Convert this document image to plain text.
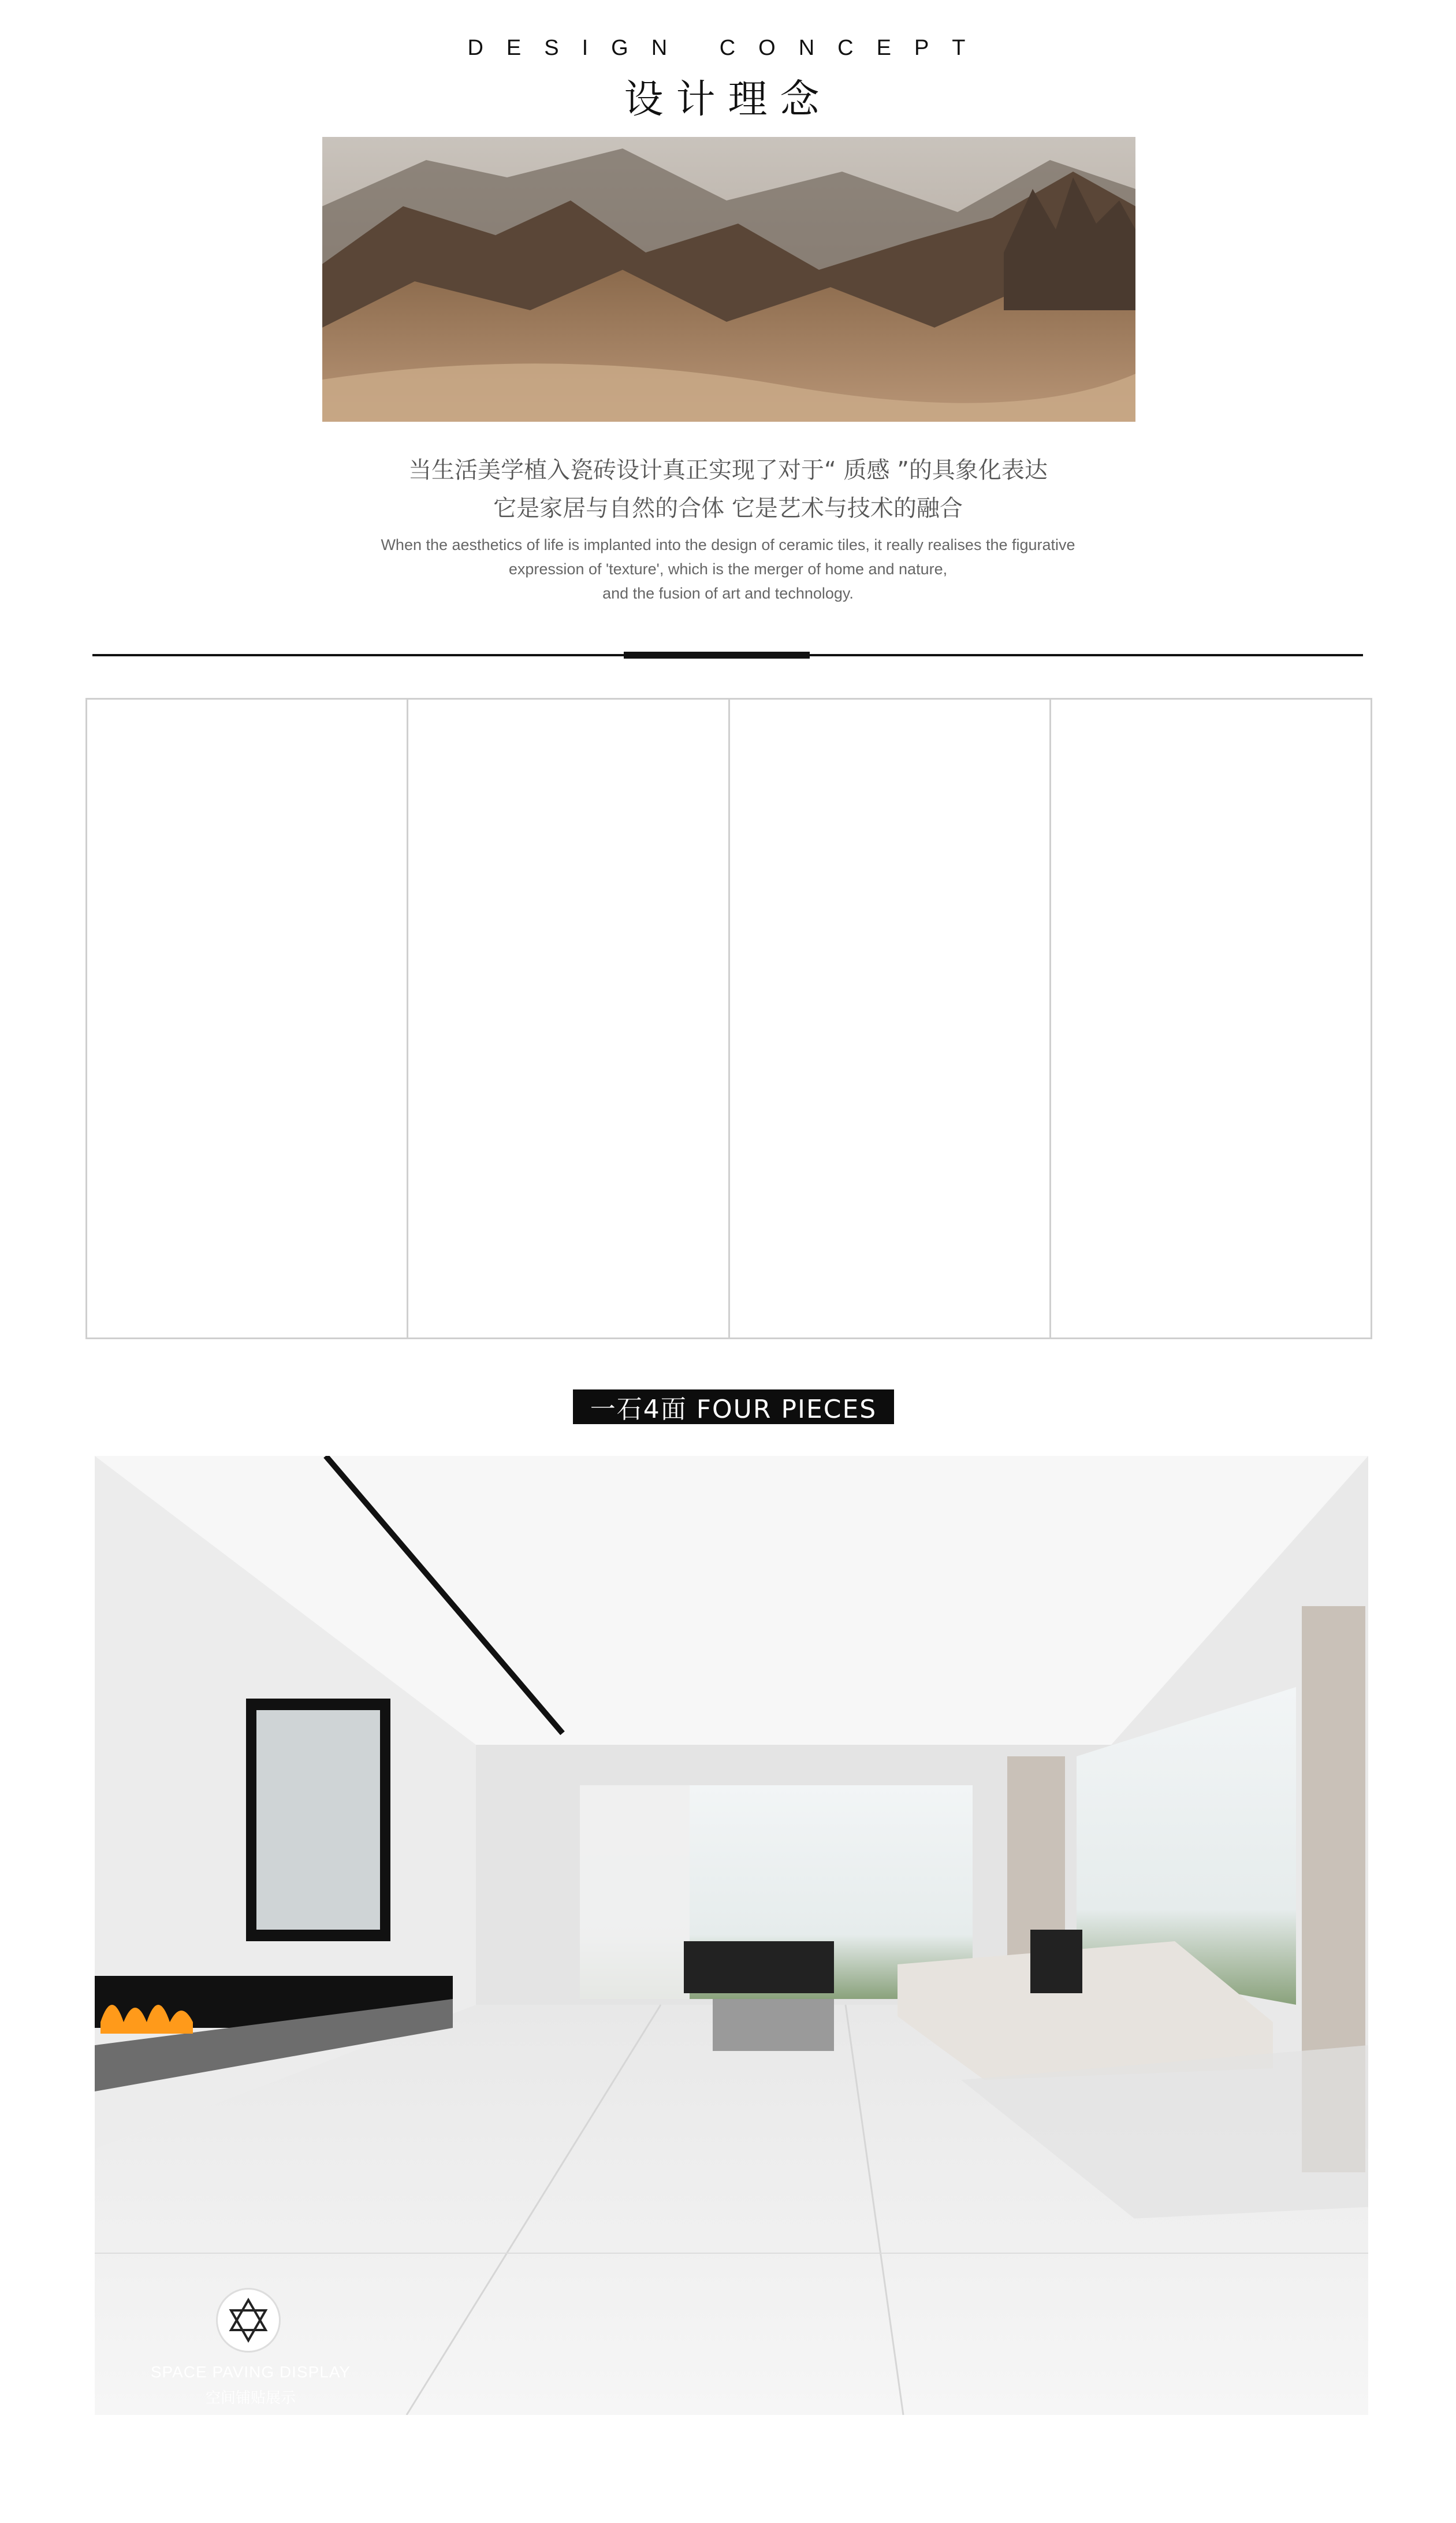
DESIGN CONCEPT
设计理念
当生活美学植入瓷砖设计真正实现了对于“ 质感 ”的具象化表达
它是家居与自然的合体 它是艺术与技术的融合
When the aesthetics of life is implanted into the design of ceramic tiles, it really realises the figurative
expression of 'texture', which is the merger of home and nature,
and the fusion of art and technology.
一石4面 FOUR PIECES
SPACE PAVING DISPLAY
空间铺贴展示
